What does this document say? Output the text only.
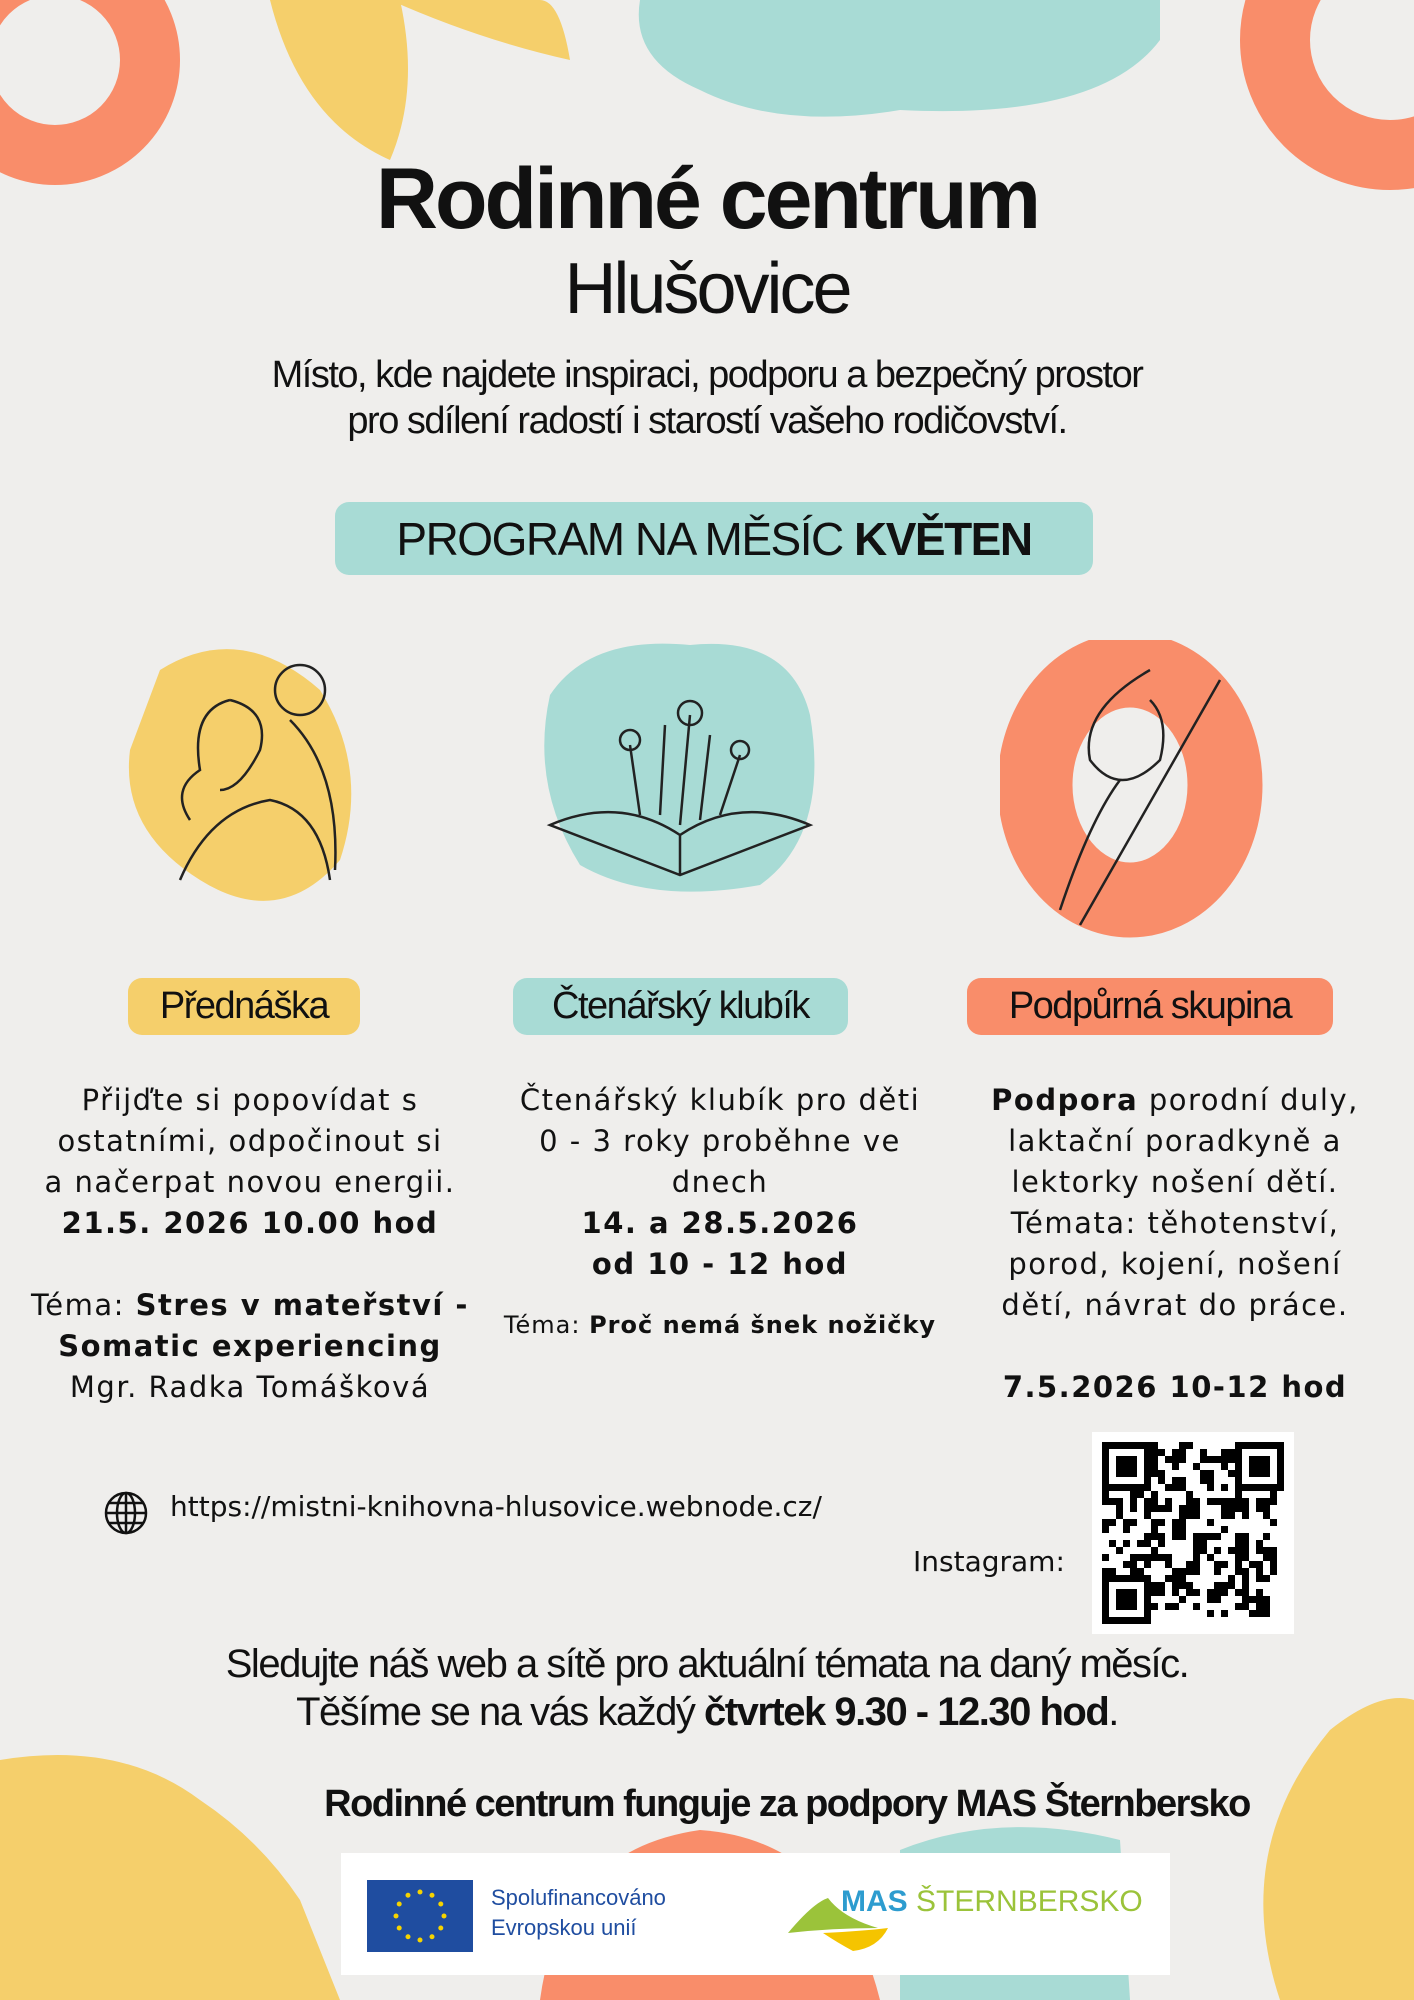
Rodinné centrum
Hlušovice
Místo, kde najdete inspiraci, podporu a bezpečný prostor
pro sdílení radostí i starostí vašeho rodičovství.
PROGRAM NA MĚSÍC KVĚTEN
Přednáška	Čtenářský klubík	Podpůrná skupina
Přijďte si popovídat s
ostatními, odpočinout si
a načerpat novou energii.
21.5. 2026 10.00 hod
Téma: Stres v mateřství -
Somatic experiencing
Mgr. Radka Tomášková
Čtenářský klubík pro děti
0 - 3 roky proběhne ve
dnech
14. a 28.5.2026
od 10 - 12 hod
Téma: Proč nemá šnek nožičky
Podpora porodní duly,
laktační poradkyně a
lektorky nošení dětí.
Témata: těhotenství,
porod, kojení, nošení
dětí, návrat do práce.
7.5.2026 10-12 hod
https://mistni-knihovna-hlusovice.webnode.cz/
Instagram:
Sledujte náš web a sítě pro aktuální témata na daný měsíc.
Těšíme se na vás každý čtvrtek 9.30 - 12.30 hod.
Rodinné centrum funguje za podpory MAS Šternbersko
Spolufinancováno
Evropskou unií
MAS ŠTERNBERSKO
